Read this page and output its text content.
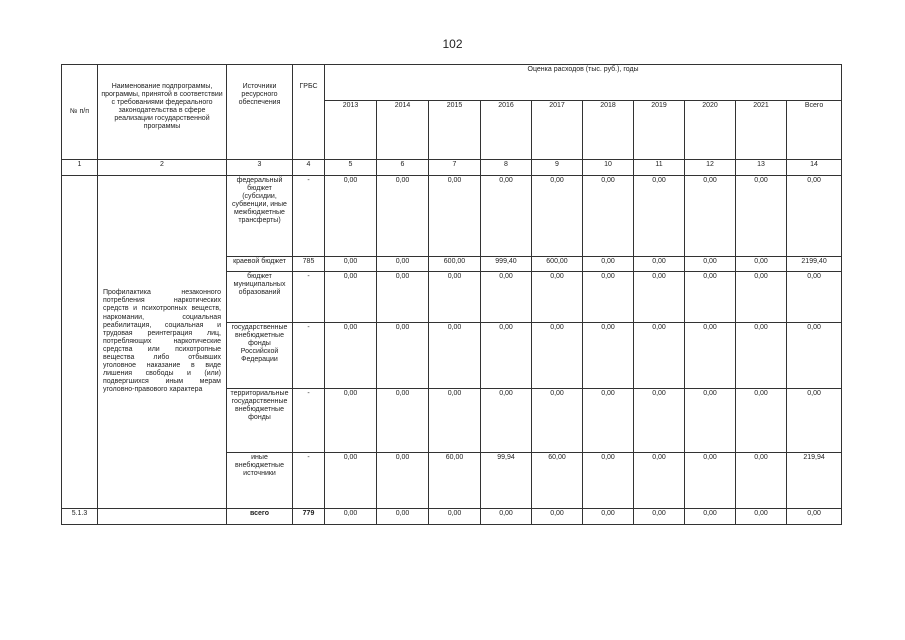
102
№ п/п	Наименование подпрограммы, программы, принятой в соответствии с требованиями федерального законодательства в сфере реализации государственной программы	Источники ресурсного обеспечения	ГРБС	Оценка расходов (тыс. руб.), годы									
				2013	2014	2015	2016	2017	2018	2019	2020	2021	Всего
1	2	3	4	5	6	7	8	9	10	11	12	13	14
	Профилактика незаконного потребления наркотических средств и психотропных веществ, наркомании, социальная реабилитация, социальная и трудовая реинтеграция лиц, потребляющих наркотические средства или психотропные вещества либо отбывших уголовное наказание в виде лишения свободы и (или) подвергшихся иным мерам уголовно-правового характера	федеральный бюджет (субсидии, субвенции, иные межбюджетные трансферты)	-	0,00	0,00	0,00	0,00	0,00	0,00	0,00	0,00	0,00	0,00
		краевой бюджет	785	0,00	0,00	600,00	999,40	600,00	0,00	0,00	0,00	0,00	2199,40
		бюджет муниципальных образований	-	0,00	0,00	0,00	0,00	0,00	0,00	0,00	0,00	0,00	0,00
		государственные внебюджетные фонды Российской Федерации	-	0,00	0,00	0,00	0,00	0,00	0,00	0,00	0,00	0,00	0,00
		территориальные государственные внебюджетные фонды	-	0,00	0,00	0,00	0,00	0,00	0,00	0,00	0,00	0,00	0,00
		иные внебюджетные источники	-	0,00	0,00	60,00	99,94	60,00	0,00	0,00	0,00	0,00	219,94
5.1.3		всего	779	0,00	0,00	0,00	0,00	0,00	0,00	0,00	0,00	0,00	0,00
